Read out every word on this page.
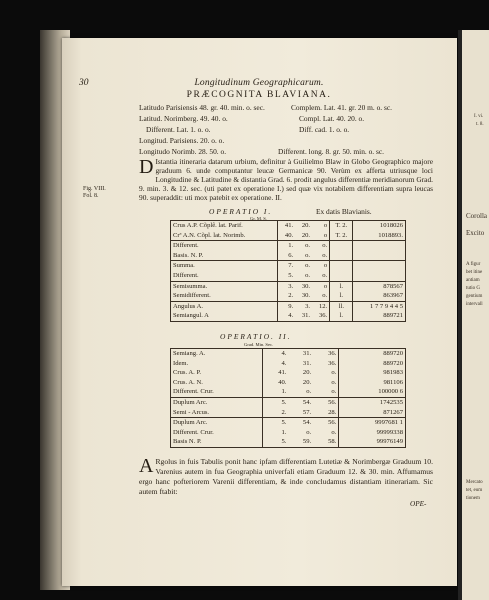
I. vi.
t. 8.
Corolla
Excito
A figur
bet itine
antiam
tutio G
gentium
intervall
Mercato
tet, eum
tionem
30	Longitudinum Geographicarum.
PRÆCOGNITA BLAVIANA.
Latitudo Parisiensis 48. gr. 40. min. o. sec.	Complem. Lat. 41. gr. 20 m. o. sc.
Latitud. Norimberg. 49. 40. o.	Compl. Lat. 40. 20. o.
Different. Lat. 1. o. o.	Diff. cad. 1. o. o.
Longitud. Parisiens. 20. o. o.
Longitudo Norimb. 28. 50. o.	Different. long. 8. gr. 50. min. o. sc.
D Istantia itineraria datarum urbium, definitur à Guilielmo Blaw in Globo Geographico majore graduum 6. unde computantur leucæ Germanicæ 90. Verùm ex afferta utriusque loci Longitudine & Latitudine & distantia Grad. 6. prodit angulus differentiæ meridianorum Grad. 9. min. 3. & 12. sec. (uti patet ex operatione I.) sed quæ vix notabilem differentiam supra leucas 90. superaddit: uti mox patebit ex operatione. II.
Fig. VIII.
Fol. 8.
OPERATIO I.	Ex datis Blavianis.
Gr. M. S.
Crus A.P. Cõplê. lat. Parif.	41.	20.	o	T. 2.	1018026
Crª A.N. Cõpl. lat. Norimb.	40.	20.	o	T. 2.	1018893.
Different.	1.	o.	o.		
Basis. N. P.	6.	o.	o.		
Summa.	7.	o.	o		
Different.	5.	o.	o.		
Semisumma.	3.	30.	o	l.	878567
Semidifferent.	2.	30.	o.	l.	863967
Angulus A.	9.	3.	12.	ll.	1 7 7 9 4 4 5
Semiangul. A	4.	31.	36.	l.	889721
OPERATIO. II.
Grad. Min. Sec.
Semiang. A.	4.	31.	36.	889720
Idem.	4.	31.	36.	889720
Crus. A. P.	41.	20.	o.	981983
Crus. A. N.	40.	20.	o.	981106
Different. Crur.	1.	o.	o.	100000 6
Duplum Arc.	5.	54.	56.	1742535
Semi - Arcus.	2.	57.	28.	871267
Duplum Arc.	5.	54.	56.	9997681 1
Different. Crur.	1.	o.	o.	99999338
Basis N. P.	5.	59.	58.	99976149
A Rgolus in fuis Tabulis ponit hanc ipfam differentiam Lutetiæ & Norimbergæ Graduum 10. Varenius autem in fua Geographia univerfali etiam Graduum 12. & 30. min. Affumamus ergo hanc pofteriorem Varenii differentiam, & inde concludamus distantiam itinerariam. Sic autem ftabit:
OPE-
